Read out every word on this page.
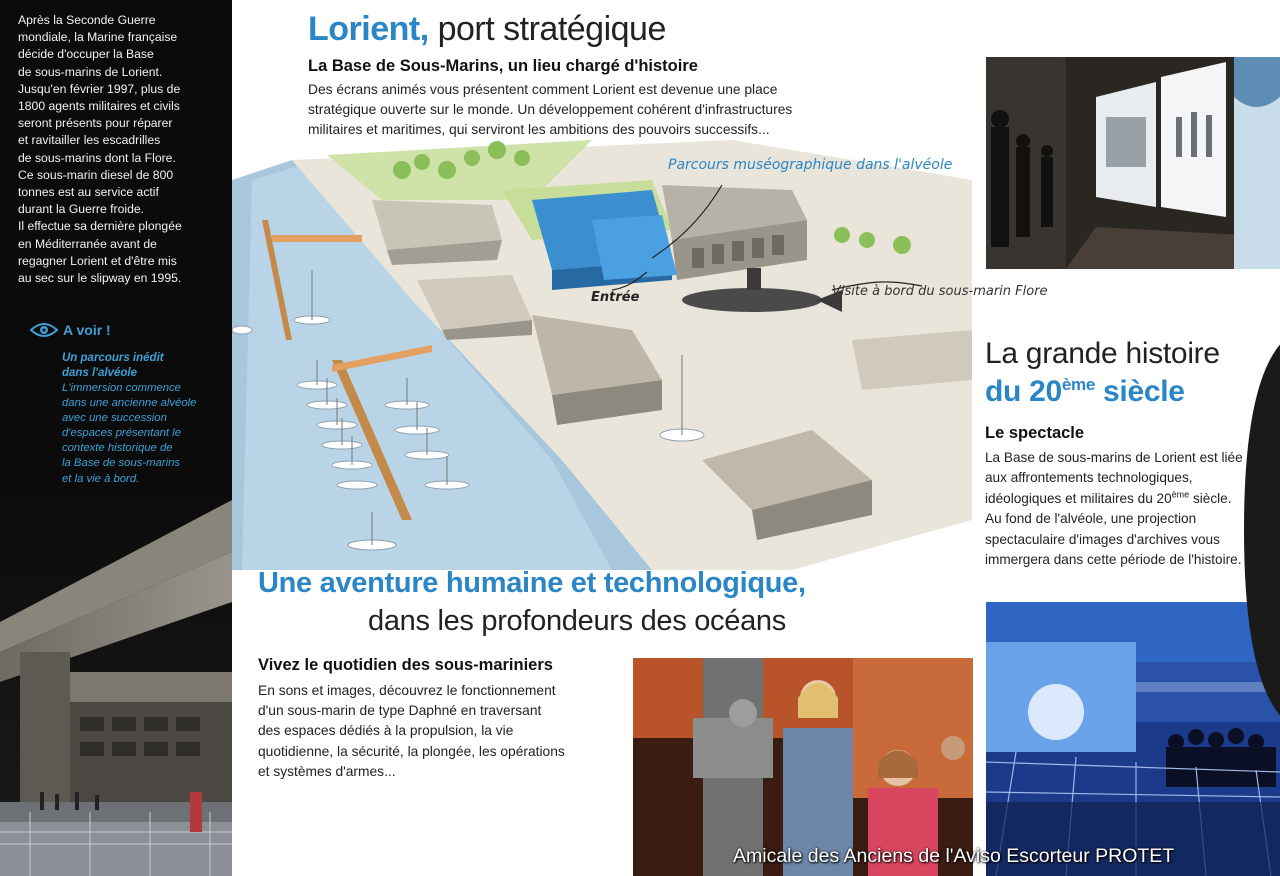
Après la Seconde Guerre

mondiale, la Marine française

décide d'occuper la Base

de sous-marins de Lorient.

Jusqu'en février 1997, plus de

1800 agents militaires et civils

seront présents pour réparer

et ravitailler les escadrilles

de sous-marins dont la Flore.

Ce sous-marin diesel de 800

tonnes est au service actif

durant la Guerre froide.

Il effectue sa dernière plongée

en Méditerranée avant de

regagner Lorient et d'être mis

au sec sur le slipway en 1995.

A voir !
Un parcours inédit
dans l'alvéole
L'immersion commence
dans une ancienne alvéole
avec une succession
d'espaces présentant le
contexte historique de
la Base de sous-marins
et la vie à bord.
Lorient, port stratégique
La Base de Sous-Marins, un lieu chargé d'histoire
Des écrans animés vous présentent comment Lorient est devenue une place
stratégique ouverte sur le monde. Un développement cohérent d'infrastructures
militaires et maritimes, qui serviront les ambitions des pouvoirs successifs...

Parcours muséographique dans l'alvéole

Entrée	Visite à bord du sous-marin Flore

Une aventure humaine et technologique,
dans les profondeurs des océans
Vivez le quotidien des sous-mariniers
En sons et images, découvrez le fonctionnement
d'un sous-marin de type Daphné en traversant
des espaces dédiés à la propulsion, la vie
quotidienne, la sécurité, la plongée, les opérations
et systèmes d'armes...
La grande histoire
du 20ème siècle
Le spectacle
La Base de sous-marins de Lorient est liée
aux affrontements technologiques,
idéologiques et militaires du 20ème siècle.
Au fond de l'alvéole, une projection
spectaculaire d'images d'archives vous
immergera dans cette période de l'histoire.

Amicale des Anciens de l'Aviso Escorteur PROTET
